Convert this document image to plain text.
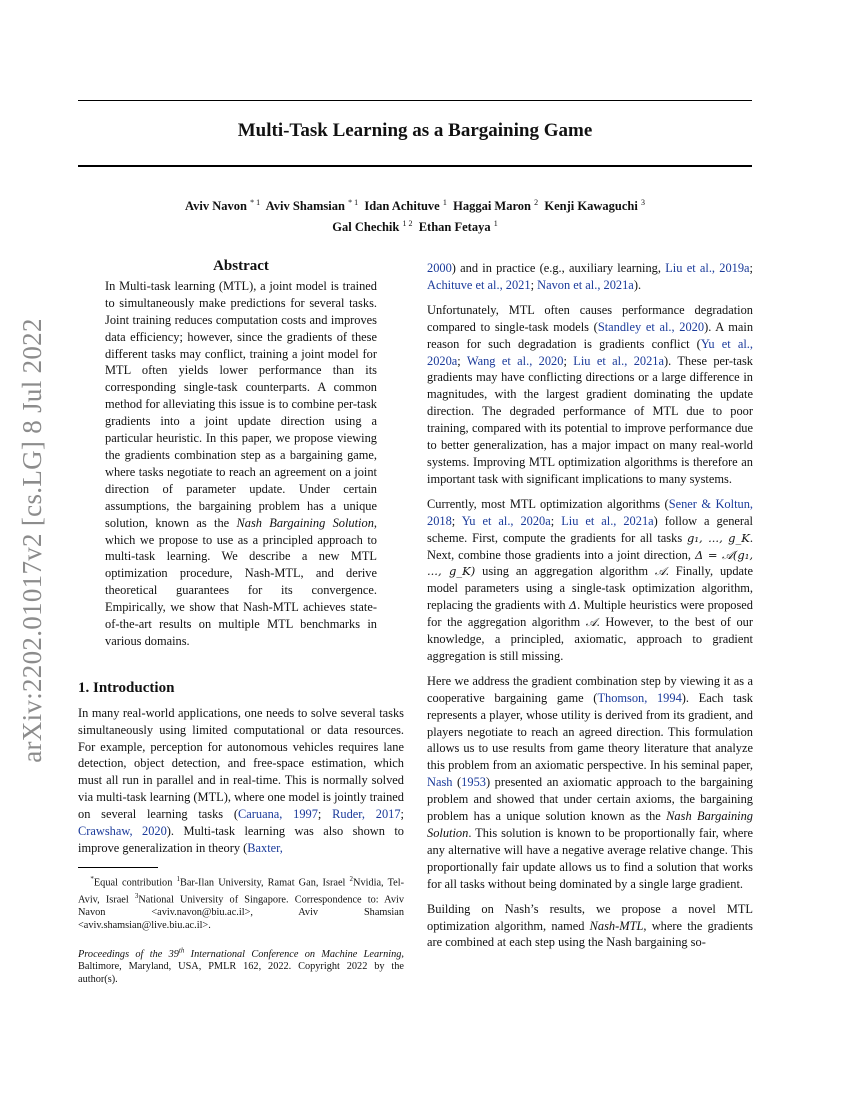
arXiv:2202.01017v2 [cs.LG] 8 Jul 2022
Multi-Task Learning as a Bargaining Game
Aviv Navon $^{* 1}$ Aviv Shamsian $^{* 1}$ Idan Achituve $^1$ Haggai Maron $^2$ Kenji Kawaguchi $^3$
Gal Chechik $^{1 2}$ Ethan Fetaya $^1$
Abstract

In Multi-task learning (MTL), a joint model is trained to simultaneously make predictions for several tasks. Joint training reduces computation costs and improves data efficiency; however, since the gradients of these different tasks may conflict, training a joint model for MTL often yields lower performance than its corresponding single-task counterparts. A common method for alleviating this issue is to combine per-task gradients into a joint update direction using a particular heuristic. In this paper, we propose viewing the gradients combination step as a bargaining game, where tasks negotiate to reach an agreement on a joint direction of parameter update. Under certain assumptions, the bargaining problem has a unique solution, known as the Nash Bargaining Solution, which we propose to use as a principled approach to multi-task learning. We describe a new MTL optimization procedure, Nash-MTL, and derive theoretical guarantees for its convergence. Empirically, we show that Nash-MTL achieves state-of-the-art results on multiple MTL benchmarks in various domains.

1. Introduction

In many real-world applications, one needs to solve several tasks simultaneously using limited computational or data resources. For example, perception for autonomous vehicles requires lane detection, object detection, and free-space estimation, which must all run in parallel and in real-time. This is normally solved via multi-task learning (MTL), where one model is jointly trained on several learning tasks (Caruana, 1997; Ruder, 2017; Crawshaw, 2020). Multi-task learning was also shown to improve generalization in theory (Baxter,

*Equal contribution $^1$Bar-Ilan University, Ramat Gan, Israel $^2$Nvidia, Tel-Aviv, Israel $^3$National University of Singapore. Correspondence to: Aviv Navon <aviv.navon@biu.ac.il>, Aviv Shamsian <aviv.shamsian@live.biu.ac.il>.

Proceedings of the 39th International Conference on Machine Learning, Baltimore, Maryland, USA, PMLR 162, 2022. Copyright 2022 by the author(s).

2000) and in practice (e.g., auxiliary learning, Liu et al., 2019a; Achituve et al., 2021; Navon et al., 2021a).

Unfortunately, MTL often causes performance degradation compared to single-task models (Standley et al., 2020). A main reason for such degradation is gradients conflict (Yu et al., 2020a; Wang et al., 2020; Liu et al., 2021a). These per-task gradients may have conflicting directions or a large difference in magnitudes, with the largest gradient dominating the update direction. The degraded performance of MTL due to poor training, compared with its potential to improve performance due to better generalization, has a major impact on many real-world systems. Improving MTL optimization algorithms is therefore an important task with significant implications to many systems.

Currently, most MTL optimization algorithms (Sener & Koltun, 2018; Yu et al., 2020a; Liu et al., 2021a) follow a general scheme. First, compute the gradients for all tasks g₁, ..., g_K. Next, combine those gradients into a joint direction, Δ = 𝒜(g₁, ..., g_K) using an aggregation algorithm 𝒜. Finally, update model parameters using a single-task optimization algorithm, replacing the gradients with Δ. Multiple heuristics were proposed for the aggregation algorithm 𝒜. However, to the best of our knowledge, a principled, axiomatic, approach to gradient aggregation is still missing.

Here we address the gradient combination step by viewing it as a cooperative bargaining game (Thomson, 1994). Each task represents a player, whose utility is derived from its gradient, and players negotiate to reach an agreed direction. This formulation allows us to use results from game theory literature that analyze this problem from an axiomatic perspective. In his seminal paper, Nash (1953) presented an axiomatic approach to the bargaining problem and showed that under certain axioms, the bargaining problem has a unique solution known as the Nash Bargaining Solution. This solution is known to be proportionally fair, where any alternative will have a negative average relative change. This proportionally fair update allows us to find a solution that works for all tasks without being dominated by a single large gradient.

Building on Nash’s results, we propose a novel MTL optimization algorithm, named Nash-MTL, where the gradients are combined at each step using the Nash bargaining so-
